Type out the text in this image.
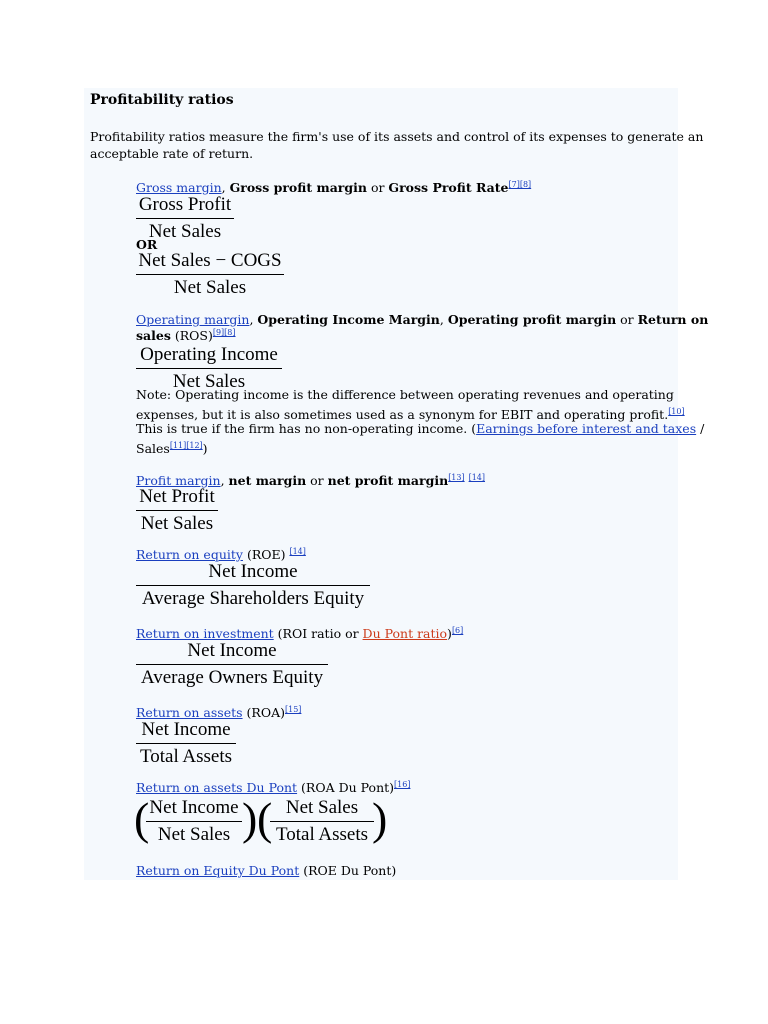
Profitability ratios
Profitability ratios measure the firm's use of its assets and control of its expenses to generate an
acceptable rate of return.
Gross margin, Gross profit margin or Gross Profit Rate[7][8]
Gross Profit
Net Sales
OR
Net Sales − COGS
Net Sales
Operating margin, Operating Income Margin, Operating profit margin or Return on
sales (ROS)[9][8]
Operating Income
Net Sales
Note: Operating income is the difference between operating revenues and operating
expenses, but it is also sometimes used as a synonym for EBIT and operating profit.[10]
This is true if the firm has no non-operating income. (Earnings before interest and taxes /
Sales[11][12])
Profit margin, net margin or net profit margin[13] [14]
Net Profit
Net Sales
Return on equity (ROE) [14]
Net Income
Average Shareholders Equity
Return on investment (ROI ratio or Du Pont ratio)[6]
Net Income
Average Owners Equity
Return on assets (ROA)[15]
Net Income
Total Assets
Return on assets Du Pont (ROA Du Pont)[16]
( Net Income
Net Sales ) ( Net Sales
Total Assets )
Return on Equity Du Pont (ROE Du Pont)
